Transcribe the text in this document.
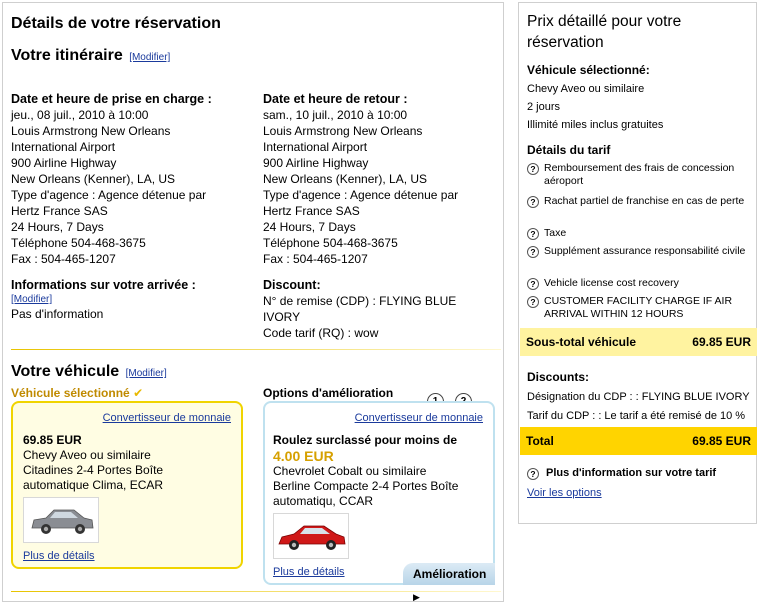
Détails de votre réservation
Votre itinéraire [Modifier]
Date et heure de prise en charge :
jeu., 08 juil., 2010 à 10:00
Louis Armstrong New Orleans
International Airport
900 Airline Highway
New Orleans (Kenner), LA, US
Type d'agence : Agence détenue par
Hertz France SAS
24 Hours, 7 Days
Téléphone 504-468-3675
Fax : 504-465-1207
Date et heure de retour :
sam., 10 juil., 2010 à 10:00
Louis Armstrong New Orleans
International Airport
900 Airline Highway
New Orleans (Kenner), LA, US
Type d'agence : Agence détenue par
Hertz France SAS
24 Hours, 7 Days
Téléphone 504-468-3675
Fax : 504-465-1207
Informations sur votre arrivée :
[Modifier]
Pas d'information
Discount:
N° de remise (CDP) : FLYING BLUE
IVORY
Code tarif (RQ) : wow
Votre véhicule [Modifier]
Véhicule sélectionné ✔	Options d'amélioration
Convertisseur de monnaie
69.85 EUR
Chevy Aveo ou similaire
Citadines 2-4 Portes Boîte
automatique Clima, ECAR
Plus de détails
Convertisseur de monnaie
Roulez surclassé pour moins de
4.00 EUR
Chevrolet Cobalt ou similaire
Berline Compacte 2-4 Portes Boîte
automatiqu, CCAR
Plus de détails	Amélioration ▶
Prix détaillé pour votre réservation
Véhicule sélectionné:
Chevy Aveo ou similaire
2 jours
Illimité miles inclus gratuites
Détails du tarif
? Remboursement des frais de concession aéroport
? Rachat partiel de franchise en cas de perte
? Taxe
? Supplément assurance responsabilité civile
? Vehicle license cost recovery
? CUSTOMER FACILITY CHARGE IF AIR ARRIVAL WITHIN 12 HOURS
Sous-total véhicule	69.85 EUR
Discounts:
Désignation du CDP : : FLYING BLUE IVORY
Tarif du CDP : : Le tarif a été remisé de 10 %
Total	69.85 EUR
? Plus d'information sur votre tarif
Voir les options
